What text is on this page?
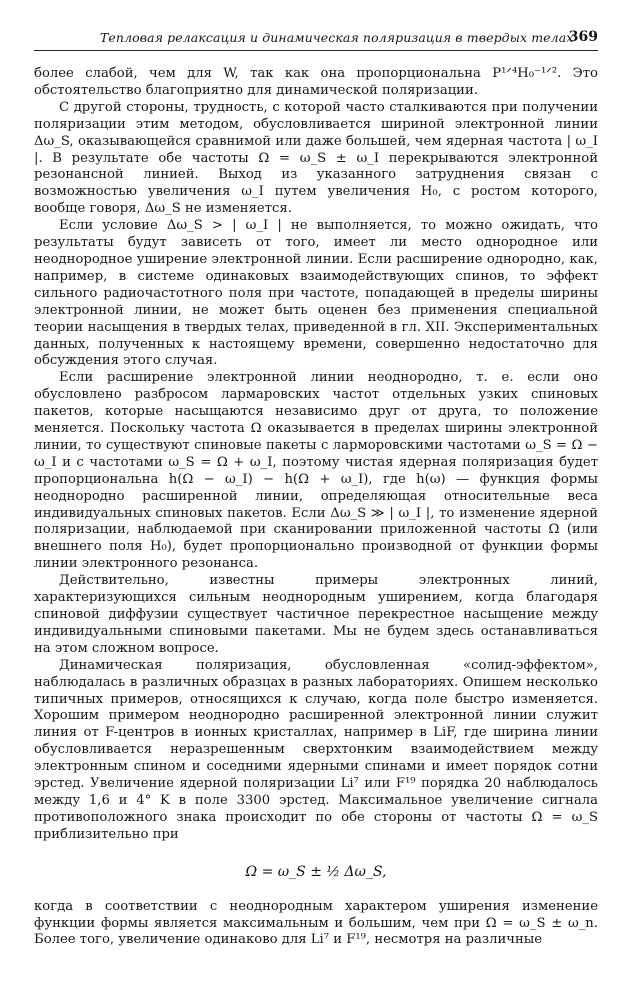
Тепловая релаксация и динамическая поляризация в твердых телах
369

более слабой, чем для W, так как она пропорциональна P¹ᐟ⁴H₀⁻¹ᐟ². Это обстоятельство благоприятно для динамической поляризации.

С другой стороны, трудность, с которой часто сталкиваются при получении поляризации этим методом, обусловливается шириной электронной линии Δω_S, оказывающейся сравнимой или даже большей, чем ядерная частота | ω_I |. В результате обе частоты Ω = ω_S ± ω_I перекрываются электронной резонансной линией. Выход из указанного затруднения связан с возможностью увеличения ω_I путем увеличения H₀, с ростом которого, вообще говоря, Δω_S не изменяется.

Если условие Δω_S > | ω_I | не выполняется, то можно ожидать, что результаты будут зависеть от того, имеет ли место однородное или неоднородное уширение электронной линии. Если расширение однородно, как, например, в системе одинаковых взаимодействующих спинов, то эффект сильного радиочастотного поля при частоте, попадающей в пределы ширины электронной линии, не может быть оценен без применения специальной теории насыщения в твердых телах, приведенной в гл. XII. Экспериментальных данных, полученных к настоящему времени, совершенно недостаточно для обсуждения этого случая.

Если расширение электронной линии неоднородно, т. е. если оно обусловлено разбросом лармаровских частот отдельных узких спиновых пакетов, которые насыщаются независимо друг от друга, то положение меняется. Поскольку частота Ω оказывается в пределах ширины электронной линии, то существуют спиновые пакеты с ларморовскими частотами ω_S = Ω − ω_I и с частотами ω_S = Ω + ω_I, поэтому чистая ядерная поляризация будет пропорциональна h(Ω − ω_I) − h(Ω + ω_I), где h(ω) — функция формы неоднородно расширенной линии, определяющая относительные веса индивидуальных спиновых пакетов. Если Δω_S ≫ | ω_I |, то изменение ядерной поляризации, наблюдаемой при сканировании приложенной частоты Ω (или внешнего поля H₀), будет пропорционально производной от функции формы линии электронного резонанса.

Действительно, известны примеры электронных линий, характеризующихся сильным неоднородным уширением, когда благодаря спиновой диффузии существует частичное перекрестное насыщение между индивидуальными спиновыми пакетами. Мы не будем здесь останавливаться на этом сложном вопросе.

Динамическая поляризация, обусловленная «солид-эффектом», наблюдалась в различных образцах в разных лабораториях. Опишем несколько типичных примеров, относящихся к случаю, когда поле быстро изменяется. Хорошим примером неоднородно расширенной электронной линии служит линия от F-центров в ионных кристаллах, например в LiF, где ширина линии обусловливается неразрешенным сверхтонким взаимодействием между электронным спином и соседними ядерными спинами и имеет порядок сотни эрстед. Увеличение ядерной поляризации Li⁷ или F¹⁹ порядка 20 наблюдалось между 1,6 и 4° K в поле 3300 эрстед. Максимальное увеличение сигнала противоположного знака происходит по обе стороны от частоты Ω = ω_S приблизительно при

Ω = ω_S ± ½ Δω_S,

когда в соответствии с неоднородным характером уширения изменение функции формы является максимальным и большим, чем при Ω = ω_S ± ω_n. Более того, увеличение одинаково для Li⁷ и F¹⁹, несмотря на различные
